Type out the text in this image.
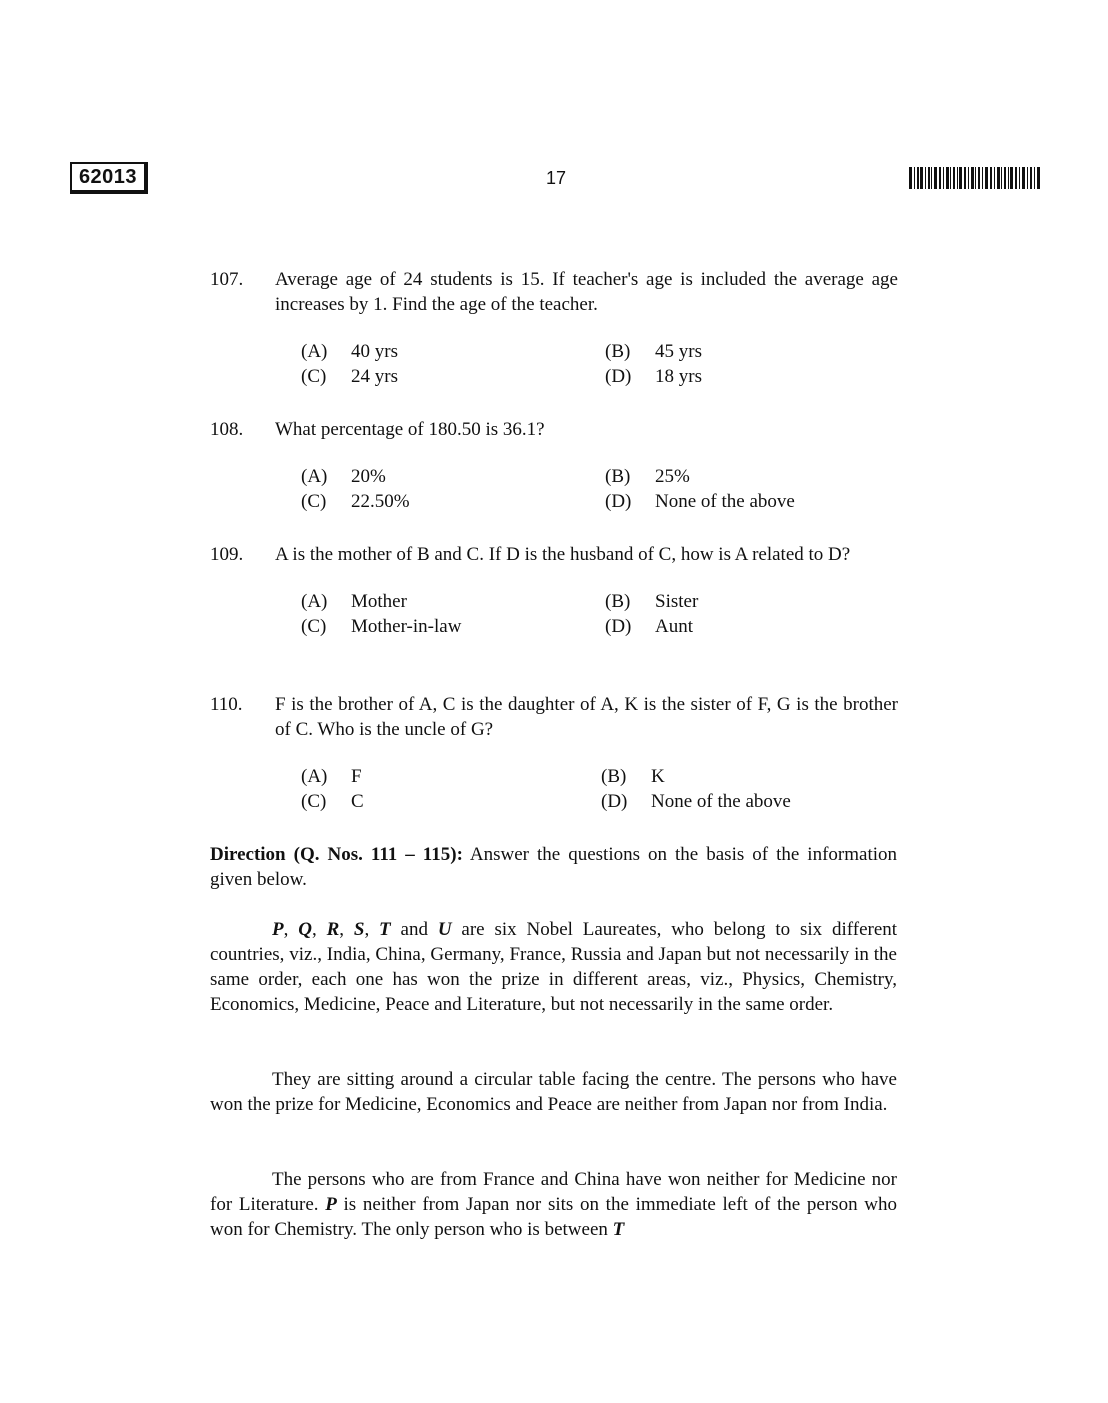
62013	17
107. Average age of 24 students is 15. If teacher's age is included the average age increases by 1. Find the age of the teacher.
(A) 40 yrs	(B) 45 yrs
(C) 24 yrs	(D) 18 yrs
108. What percentage of 180.50 is 36.1?
(A) 20%	(B) 25%
(C) 22.50%	(D) None of the above
109. A is the mother of B and C. If D is the husband of C, how is A related to D?
(A) Mother	(B) Sister
(C) Mother-in-law	(D) Aunt
110. F is the brother of A, C is the daughter of A, K is the sister of F, G is the brother of C. Who is the uncle of G?
(A) F	(B) K
(C) C	(D) None of the above
Direction (Q. Nos. 111 – 115): Answer the questions on the basis of the information given below.
P, Q, R, S, T and U are six Nobel Laureates, who belong to six different countries, viz., India, China, Germany, France, Russia and Japan but not necessarily in the same order, each one has won the prize in different areas, viz., Physics, Chemistry, Economics, Medicine, Peace and Literature, but not necessarily in the same order.
They are sitting around a circular table facing the centre. The persons who have won the prize for Medicine, Economics and Peace are neither from Japan nor from India.
The persons who are from France and China have won neither for Medicine nor for Literature. P is neither from Japan nor sits on the immediate left of the person who won for Chemistry. The only person who is between T
